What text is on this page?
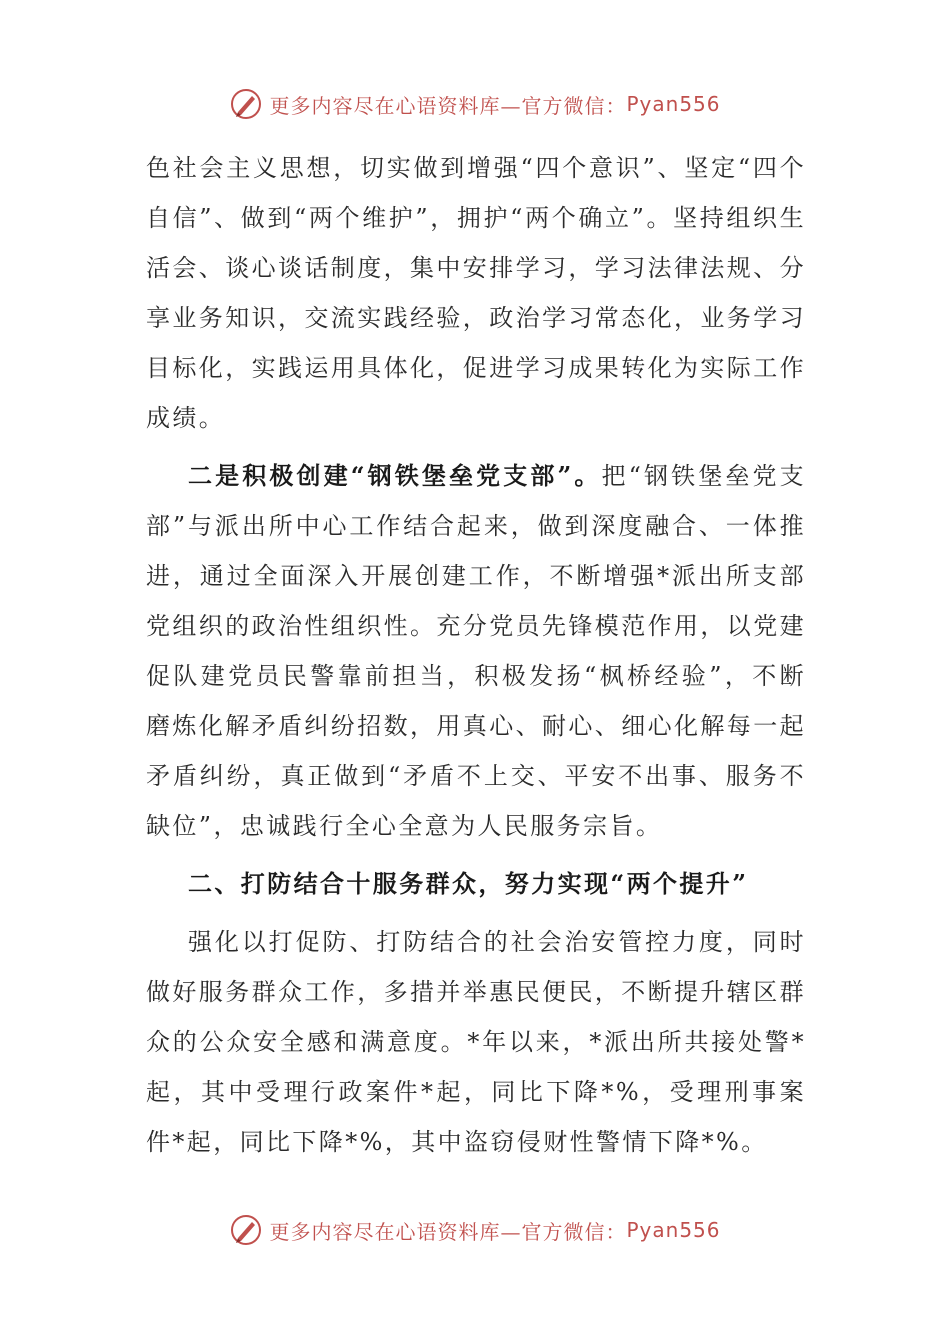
更多内容尽在心语资料库—官方微信： Pyan556

色社会主义思想，切实做到增强“四个意识”、坚定“四个自信”、做到“两个维护”，拥护“两个确立”。坚持组织生活会、谈心谈话制度，集中安排学习，学习法律法规、分享业务知识，交流实践经验，政治学习常态化，业务学习目标化，实践运用具体化，促进学习成果转化为实际工作成绩。

二是积极创建“钢铁堡垒党支部”。把“钢铁堡垒党支部”与派出所中心工作结合起来，做到深度融合、一体推进，通过全面深入开展创建工作，不断增强*派出所支部党组织的政治性组织性。充分党员先锋模范作用，以党建促队建党员民警靠前担当，积极发扬“枫桥经验”，不断磨炼化解矛盾纠纷招数，用真心、耐心、细心化解每一起矛盾纠纷，真正做到“矛盾不上交、平安不出事、服务不缺位”，忠诚践行全心全意为人民服务宗旨。

二、打防结合十服务群众，努力实现“两个提升”

强化以打促防、打防结合的社会治安管控力度，同时做好服务群众工作，多措并举惠民便民，不断提升辖区群众的公众安全感和满意度。*年以来，*派出所共接处警*起，其中受理行政案件*起，同比下降*%，受理刑事案件*起，同比下降*%，其中盗窃侵财性警情下降*%。

更多内容尽在心语资料库—官方微信： Pyan556
